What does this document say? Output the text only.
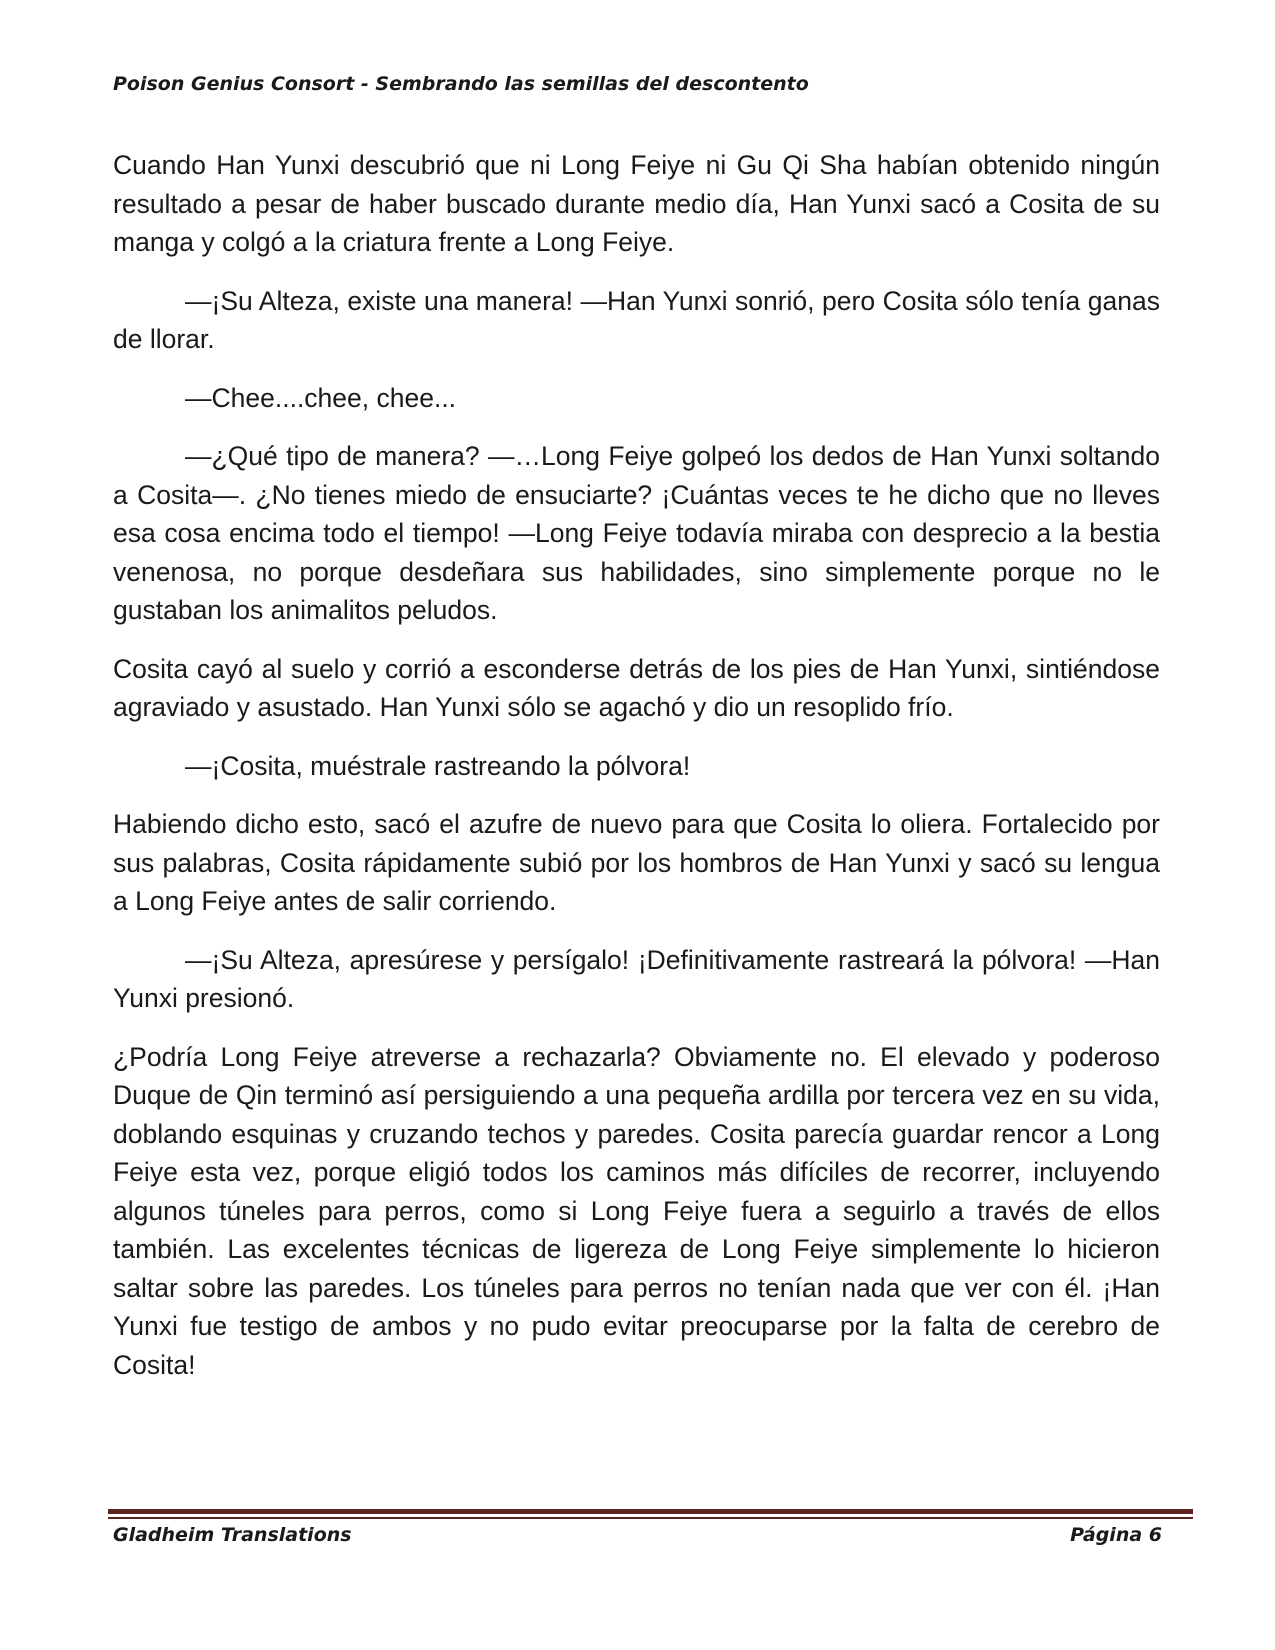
Poison Genius Consort - Sembrando las semillas del descontento

Cuando Han Yunxi descubrió que ni Long Feiye ni Gu Qi Sha habían obtenido ningún resultado a pesar de haber buscado durante medio día, Han Yunxi sacó a Cosita de su manga y colgó a la criatura frente a Long Feiye.

—¡Su Alteza, existe una manera! —Han Yunxi sonrió, pero Cosita sólo tenía ganas de llorar.

—Chee....chee, chee...

—¿Qué tipo de manera? —…Long Feiye golpeó los dedos de Han Yunxi soltando a Cosita—. ¿No tienes miedo de ensuciarte? ¡Cuántas veces te he dicho que no lleves esa cosa encima todo el tiempo! —Long Feiye todavía miraba con desprecio a la bestia venenosa, no porque desdeñara sus habilidades, sino simplemente porque no le gustaban los animalitos peludos.

Cosita cayó al suelo y corrió a esconderse detrás de los pies de Han Yunxi, sintiéndose agraviado y asustado. Han Yunxi sólo se agachó y dio un resoplido frío.

—¡Cosita, muéstrale rastreando la pólvora!

Habiendo dicho esto, sacó el azufre de nuevo para que Cosita lo oliera. Fortalecido por sus palabras, Cosita rápidamente subió por los hombros de Han Yunxi y sacó su lengua a Long Feiye antes de salir corriendo.

—¡Su Alteza, apresúrese y persígalo! ¡Definitivamente rastreará la pólvora! —Han Yunxi presionó.

¿Podría Long Feiye atreverse a rechazarla? Obviamente no. El elevado y poderoso Duque de Qin terminó así persiguiendo a una pequeña ardilla por tercera vez en su vida, doblando esquinas y cruzando techos y paredes. Cosita parecía guardar rencor a Long Feiye esta vez, porque eligió todos los caminos más difíciles de recorrer, incluyendo algunos túneles para perros, como si Long Feiye fuera a seguirlo a través de ellos también. Las excelentes técnicas de ligereza de Long Feiye simplemente lo hicieron saltar sobre las paredes. Los túneles para perros no tenían nada que ver con él. ¡Han Yunxi fue testigo de ambos y no pudo evitar preocuparse por la falta de cerebro de Cosita!

Gladheim Translations	Página 6
